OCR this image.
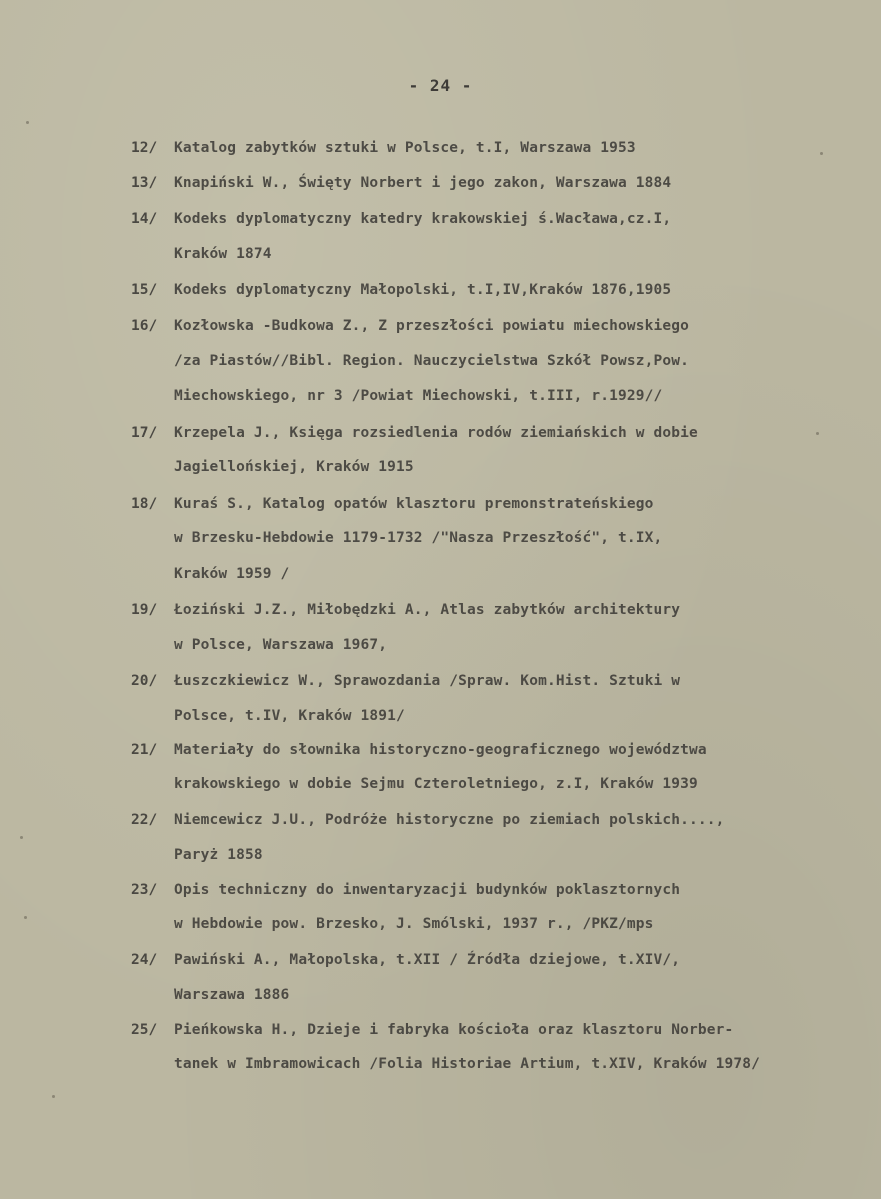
- 24 -
12/ Katalog zabytków sztuki w Polsce, t.I, Warszawa 1953
13/ Knapiński W., Święty Norbert i jego zakon, Warszawa 1884
14/ Kodeks dyplomatyczny katedry krakowskiej ś.Wacława,cz.I,
Kraków 1874
15/ Kodeks dyplomatyczny Małopolski, t.I,IV,Kraków 1876,1905
16/ Kozłowska -Budkowa Z., Z przeszłości powiatu miechowskiego
/za Piastów//Bibl. Region. Nauczycielstwa Szkół Powsz,Pow.
Miechowskiego, nr 3 /Powiat Miechowski, t.III, r.1929//
17/ Krzepela J., Księga rozsiedlenia rodów ziemiańskich w dobie
Jagiellońskiej, Kraków 1915
18/ Kuraś S., Katalog opatów klasztoru premonstrateńskiego
w Brzesku-Hebdowie 1179-1732 /"Nasza Przeszłość", t.IX,
Kraków 1959 /
19/ Łoziński J.Z., Miłobędzki A., Atlas zabytków architektury
w Polsce, Warszawa 1967,
20/ Łuszczkiewicz W., Sprawozdania /Spraw. Kom.Hist. Sztuki w
Polsce, t.IV, Kraków 1891/
21/ Materiały do słownika historyczno-geograficznego województwa
krakowskiego w dobie Sejmu Czteroletniego, z.I, Kraków 1939
22/ Niemcewicz J.U., Podróże historyczne po ziemiach polskich....,
Paryż 1858
23/ Opis techniczny do inwentaryzacji budynków poklasztornych
w Hebdowie pow. Brzesko, J. Smólski, 1937 r., /PKZ/mps
24/ Pawiński A., Małopolska, t.XII / Źródła dziejowe, t.XIV/,
Warszawa 1886
25/ Pieńkowska H., Dzieje i fabryka kościoła oraz klasztoru Norber-
tanek w Imbramowicach /Folia Historiae Artium, t.XIV, Kraków 1978/
